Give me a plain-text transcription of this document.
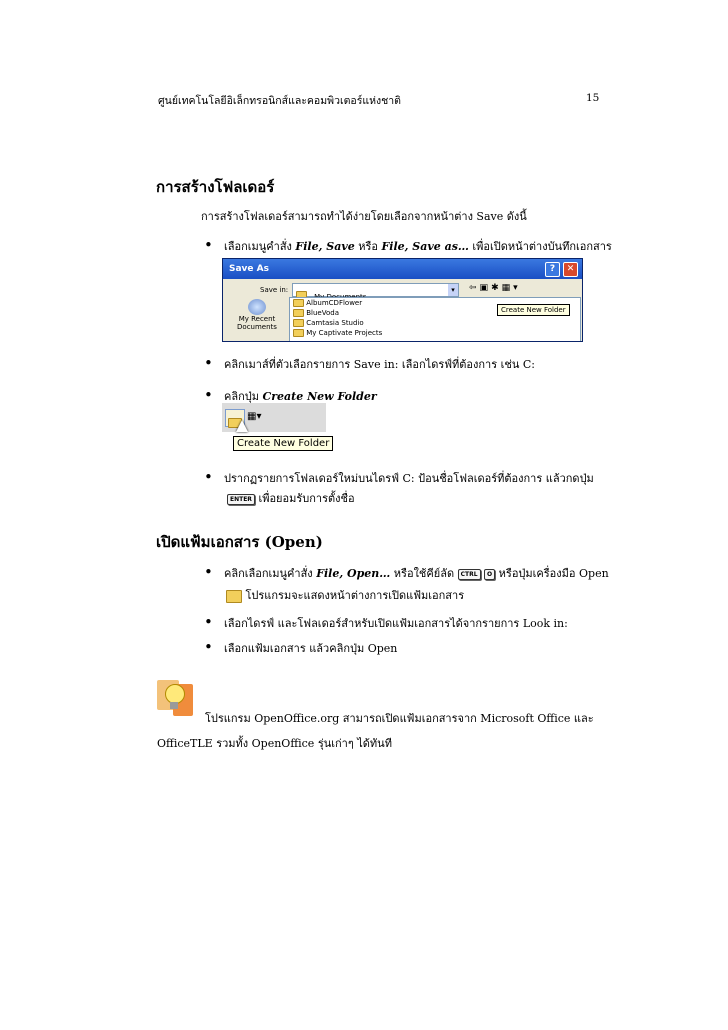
ศูนย์เทคโนโลยีอิเล็กทรอนิกส์และคอมพิวเตอร์แห่งชาติ	15
การสร้างโฟลเดอร์
การสร้างโฟลเดอร์สามารถทำได้ง่ายโดยเลือกจากหน้าต่าง Save ดังนี้
• เลือกเมนูคำสั่ง File, Save หรือ File, Save as… เพื่อเปิดหน้าต่างบันทึกเอกสาร
Save As	?	✕
Save in:	▾	⇦▣✱▦▾
My Recent
Documents
AlbumCDFlower
BlueVoda
Camtasia Studio
My Captivate Projects
Create New Folder
• คลิกเมาส์ที่ตัวเลือกรายการ Save in: เลือกไดรฟ์ที่ต้องการ เช่น C:
• คลิกปุ่ม Create New Folder
▦▾
Create New Folder
• ปรากฏรายการโฟลเดอร์ใหม่บนไดรฟ์ C: ป้อนชื่อโฟลเดอร์ที่ต้องการ แล้วกดปุ่ม
ENTER เพื่อยอมรับการตั้งชื่อ
เปิดแฟ้มเอกสาร (Open)
• คลิกเลือกเมนูคำสั่ง File, Open… หรือใช้คีย์ลัด CTRL O หรือปุ่มเครื่องมือ Open
โปรแกรมจะแสดงหน้าต่างการเปิดแฟ้มเอกสาร
• เลือกไดรฟ์ และโฟลเดอร์สำหรับเปิดแฟ้มเอกสารได้จากรายการ Look in:
• เลือกแฟ้มเอกสาร แล้วคลิกปุ่ม Open
โปรแกรม OpenOffice.org สามารถเปิดแฟ้มเอกสารจาก Microsoft Office และ
OfficeTLE รวมทั้ง OpenOffice รุ่นเก่าๆ ได้ทันที
